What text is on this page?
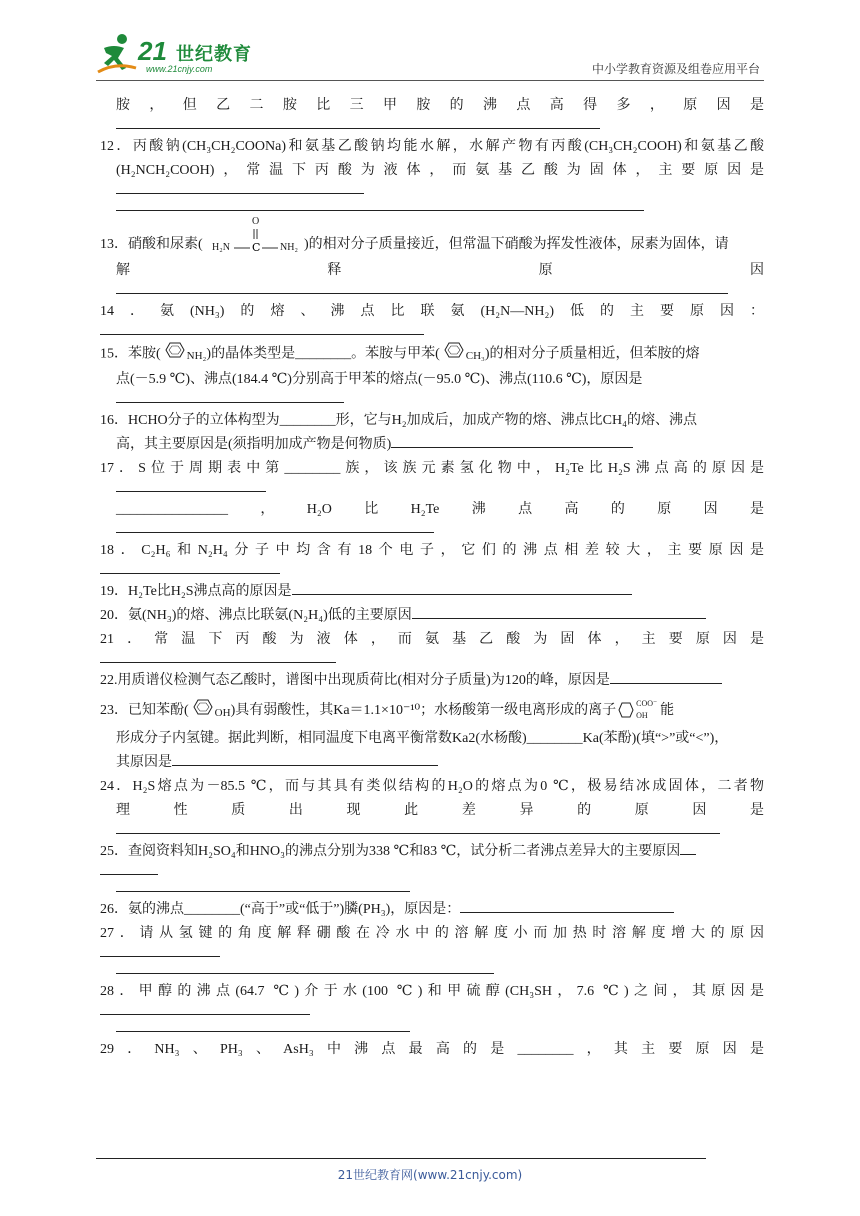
21 世纪教育
www.21cnjy.com	中小学教育资源及组卷应用平台

胺，但乙二胺比三甲胺的沸点高得多，原因是

12．丙酸钠(CH₃CH₂COONa)和氨基乙酸钠均能水解，水解产物有丙酸(CH₃CH₂COOH)和氨基乙酸

(H₂NCH₂COOH)，常温下丙酸为液体，而氨基乙酸为固体，主要原因是

13．硝酸和尿素(
O
C
H₂N	NH₂ )的相对分子质量接近，但常温下硝酸为挥发性液体，尿素为固体，请

解释原因

14．氨(NH₃)的熔、沸点比联氨(H₂N—NH₂)低的主要原因：

15．苯胺( NH₂)的晶体类型是________。苯胺与甲苯( CH₃)的相对分子质量相近，但苯胺的熔

点(－5.9 ℃)、沸点(184.4 ℃)分别高于甲苯的熔点(－95.0 ℃)、沸点(110.6 ℃)，原因是

16．HCHO分子的立体构型为________形，它与H₂加成后，加成产物的熔、沸点比CH₄的熔、沸点

高，其主要原因是(须指明加成产物是何物质)

17．S位于周期表中第________族，该族元素氢化物中，H₂Te比H₂S沸点高的原因是

________________，H₂O比H₂Te沸点高的原因是

18．C₂H₆和N₂H₄分子中均含有18个电子，它们的沸点相差较大，主要原因是

19．H₂Te比H₂S沸点高的原因是

20．氨(NH₃)的熔、沸点比联氨(N₂H₄)低的主要原因

21．常温下丙酸为液体，而氨基乙酸为固体，主要原因是

22.用质谱仪检测气态乙酸时，谱图中出现质荷比(相对分子质量)为120的峰，原因是

23．已知苯酚( OH)具有弱酸性，其Ka＝1.1×10⁻¹⁰；水杨酸第一级电离形成的离子	COO⁻
OH 能

形成分子内氢键。据此判断，相同温度下电离平衡常数Ka2(水杨酸)________Ka(苯酚)(填“>”或“<”)，

其原因是

24．H₂S熔点为－85.5 ℃，而与其具有类似结构的H₂O的熔点为0 ℃，极易结冰成固体，二者物

理性质出现此差异的原因是

25．查阅资料知H₂SO₄和HNO₃的沸点分别为338 ℃和83 ℃，试分析二者沸点差异大的主要原因

26．氨的沸点________(“高于”或“低于”)膦(PH₃)，原因是：

27．请从氢键的角度解释硼酸在冷水中的溶解度小而加热时溶解度增大的原因

28．甲醇的沸点(64.7 ℃)介于水(100 ℃)和甲硫醇(CH₃SH，7.6 ℃)之间，其原因是

29．NH₃、PH₃、AsH₃中沸点最高的是________，其主要原因是

21世纪教育网(www.21cnjy.com)
